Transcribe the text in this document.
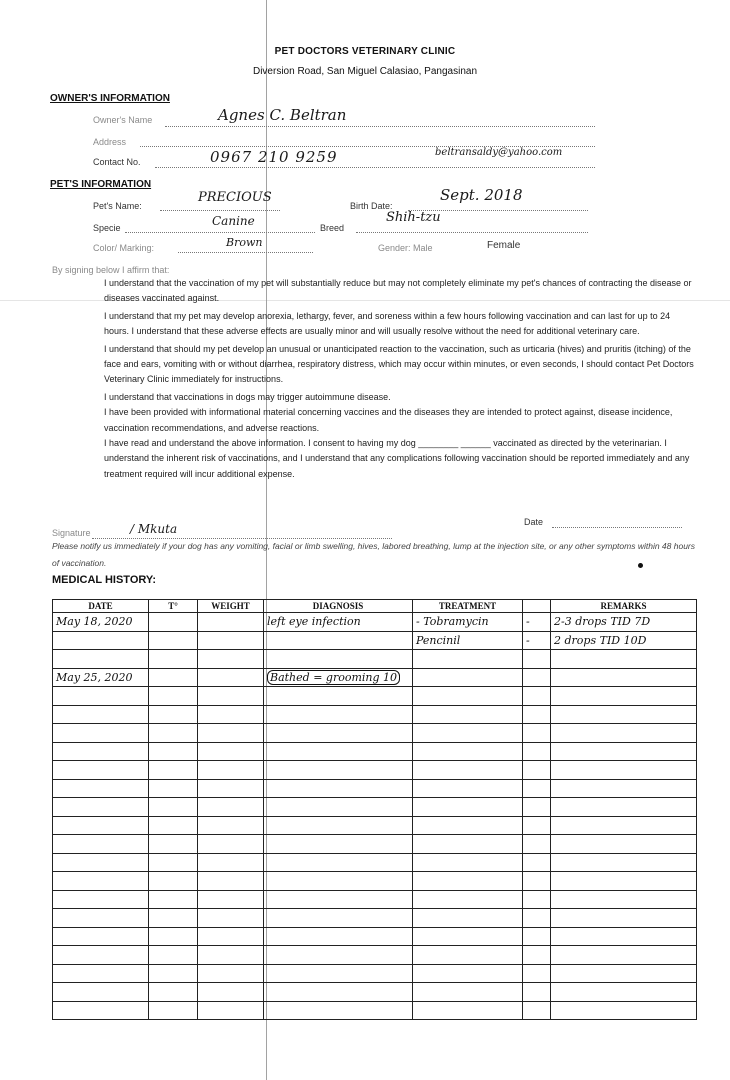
PET DOCTORS VETERINARY CLINIC
Diversion Road, San Miguel Calasiao, Pangasinan
OWNER'S INFORMATION
Owner's Name	Agnes C. Beltran
Address
Contact No.	0967 210 9259	beltransaldy@yahoo.com
PET'S INFORMATION
Pet's Name:
PRECIOUS
Birth Date:
Sept. 2018
Specie	Canine	Breed
Shih-tzu
Color/ Marking:	Brown	Gender: Male	Female
By signing below I affirm that:

I understand that the vaccination of my pet will substantially reduce but may not completely eliminate my pet's chances of contracting the disease or diseases vaccinated against.

I understand that my pet may develop anorexia, lethargy, fever, and soreness within a few hours following vaccination and can last for up to 24 hours. I understand that these adverse effects are usually minor and will usually resolve without the need for additional veterinary care.

I understand that should my pet develop an unusual or unanticipated reaction to the vaccination, such as urticaria (hives) and pruritis (itching) of the face and ears, vomiting with or without diarrhea, respiratory distress, which may occur within minutes, or even seconds, I should contact Pet Doctors Veterinary Clinic immediately for instructions.

I understand that vaccinations in dogs may trigger autoimmune disease.

I have been provided with informational material concerning vaccines and the diseases they are intended to protect against, disease incidence, vaccination recommendations, and adverse reactions.

I have read and understand the above information. I consent to having my dog ________ ______ vaccinated as directed by the veterinarian. I understand the inherent risk of vaccinations, and I understand that any complications following vaccination should be reported immediately and any treatment required will incur additional expense.

Signature	/ Mkuta	Date
Please notify us immediately if your dog has any vomiting, facial or limb swelling, hives, labored breathing, lump at the injection site, or any other symptoms within 48 hours of vaccination.
MEDICAL HISTORY:
DATE	T°	WEIGHT	DIAGNOSIS	TREATMENT		REMARKS
May 18, 2020			left eye infection	- Tobramycin	-	2-3 drops TID 7D
				Pencinil	-	2 drops TID 10D

May 25, 2020			Bathed = grooming 10			
